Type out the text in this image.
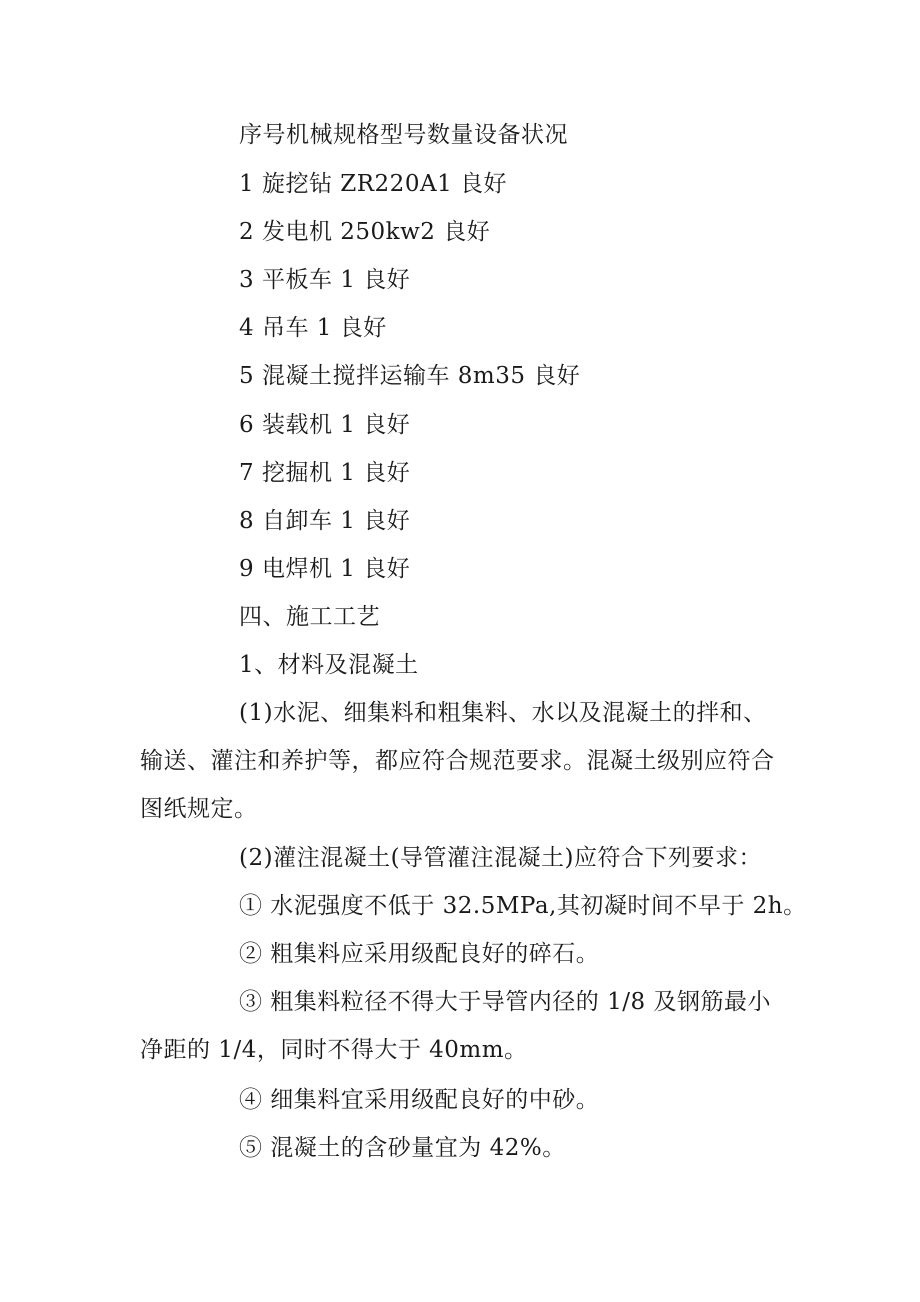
序号机械规格型号数量设备状况
1 旋挖钻 ZR220A1 良好
2 发电机 250kw2 良好
3 平板车 1 良好
4 吊车 1 良好
5 混凝土搅拌运输车 8m35 良好
6 装载机 1 良好
7 挖掘机 1 良好
8 自卸车 1 良好
9 电焊机 1 良好
四、施工工艺
1、材料及混凝土
(1)水泥、细集料和粗集料、水以及混凝土的拌和、输送、灌注和养护等，都应符合规范要求。混凝土级别应符合图纸规定。
(2)灌注混凝土(导管灌注混凝土)应符合下列要求：
① 水泥强度不低于 32.5MPa,其初凝时间不早于 2h。
② 粗集料应采用级配良好的碎石。
③ 粗集料粒径不得大于导管内径的 1/8 及钢筋最小净距的 1/4，同时不得大于 40mm。
④ 细集料宜采用级配良好的中砂。
⑤ 混凝土的含砂量宜为 42%。
